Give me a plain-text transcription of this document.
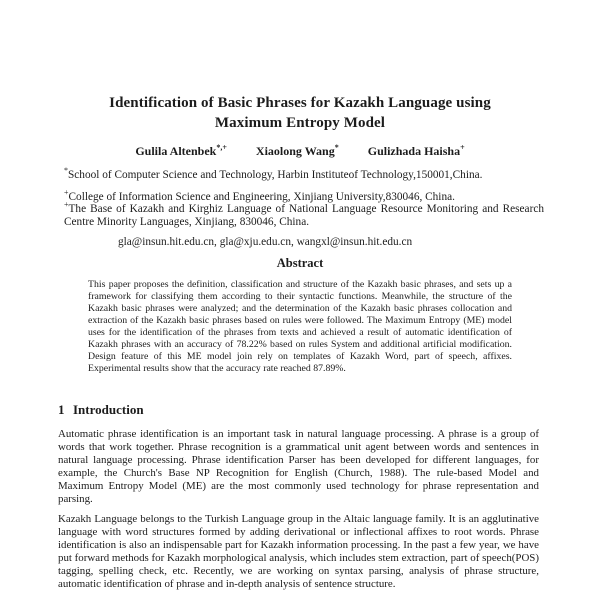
Identification of Basic Phrases for Kazakh Language using
Maximum Entropy Model
Gulila Altenbek*,+ Xiaolong Wang* Gulizhada Haisha+

*School of Computer Science and Technology, Harbin Instituteof Technology,150001,China.

+College of Information Science and Engineering, Xinjiang University,830046, China.

+The Base of Kazakh and Kirghiz Language of National Language Resource Monitoring and Research Centre Minority Languages, Xinjiang, 830046, China.

gla@insun.hit.edu.cn, gla@xju.edu.cn, wangxl@insun.hit.edu.cn

Abstract

This paper proposes the definition, classification and structure of the Kazakh basic phrases, and sets up a framework for classifying them according to their syntactic functions. Meanwhile, the structure of the Kazakh basic phrases were analyzed; and the determination of the Kazakh basic phrases collocation and extraction of the Kazakh basic phrases based on rules were followed. The Maximum Entropy (ME) model uses for the identification of the phrases from texts and achieved a result of automatic identification of Kazakh phrases with an accuracy of 78.22% based on rules System and additional artificial modification. Design feature of this ME model join rely on templates of Kazakh Word, part of speech, affixes. Experimental results show that the accuracy rate reached 87.89%.

1 Introduction

Automatic phrase identification is an important task in natural language processing. A phrase is a group of words that work together. Phrase recognition is a grammatical unit agent between words and sentences in natural language processing. Phrase identification Parser has been developed for different languages, for example, the Church's Base NP Recognition for English (Church, 1988). The rule-based Model and Maximum Entropy Model (ME) are the most commonly used technology for phrase representation and parsing.

Kazakh Language belongs to the Turkish Language group in the Altaic language family. It is an agglutinative language with word structures formed by adding derivational or inflectional affixes to root words. Phrase identification is also an indispensable part for Kazakh information processing. In the past a few year, we have put forward methods for Kazakh morphological analysis, which includes stem extraction, part of speech(POS) tagging, spelling check, etc. Recently, we are working on syntax parsing, analysis of phrase structure, automatic identification of phrase and in-depth analysis of sentence structure.
